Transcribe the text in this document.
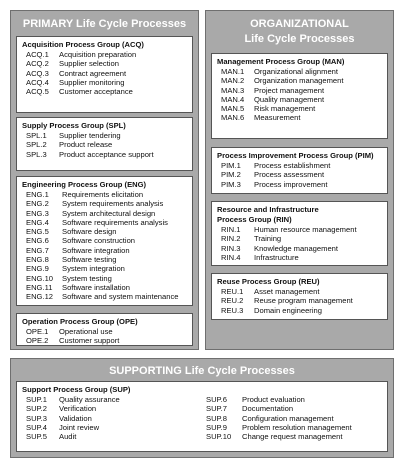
PRIMARY Life Cycle Processes
Acquisition Process Group (ACQ)
ACQ.1	Acquisition preparation
ACQ.2	Supplier selection
ACQ.3	Contract agreement
ACQ.4	Supplier monitoring
ACQ.5	Customer acceptance
Supply Process Group (SPL)
SPL.1	Supplier tendering
SPL.2	Product release
SPL.3	Product acceptance support
Engineering Process Group (ENG)
ENG.1	Requirements elicitation
ENG.2	System requirements analysis
ENG.3	System architectural design
ENG.4	Software requirements analysis
ENG.5	Software design
ENG.6	Software construction
ENG.7	Software integration
ENG.8	Software testing
ENG.9	System integration
ENG.10	System testing
ENG.11	Software installation
ENG.12	Software and system maintenance
Operation Process Group (OPE)
OPE.1	Operational use
OPE.2	Customer support
ORGANIZATIONAL
Life Cycle Processes
Management Process Group (MAN)
MAN.1	Organizational alignment
MAN.2	Organization management
MAN.3	Project management
MAN.4	Quality management
MAN.5	Risk management
MAN.6	Measurement
Process Improvement Process Group (PIM)
PIM.1	Process establishment
PIM.2	Process assessment
PIM.3	Process improvement
Resource and Infrastructure
Process Group (RIN)
RIN.1	Human resource management
RIN.2	Training
RIN.3	Knowledge management
RIN.4	Infrastructure
Reuse Process Group (REU)
REU.1	Asset management
REU.2	Reuse program management
REU.3	Domain engineering
SUPPORTING Life Cycle Processes
Support Process Group (SUP)
SUP.1	Quality assurance
SUP.2	Verification
SUP.3	Validation
SUP.4	Joint review
SUP.5	Audit
SUP.6	Product evaluation
SUP.7	Documentation
SUP.8	Configuration management
SUP.9	Problem resolution management
SUP.10	Change request management
